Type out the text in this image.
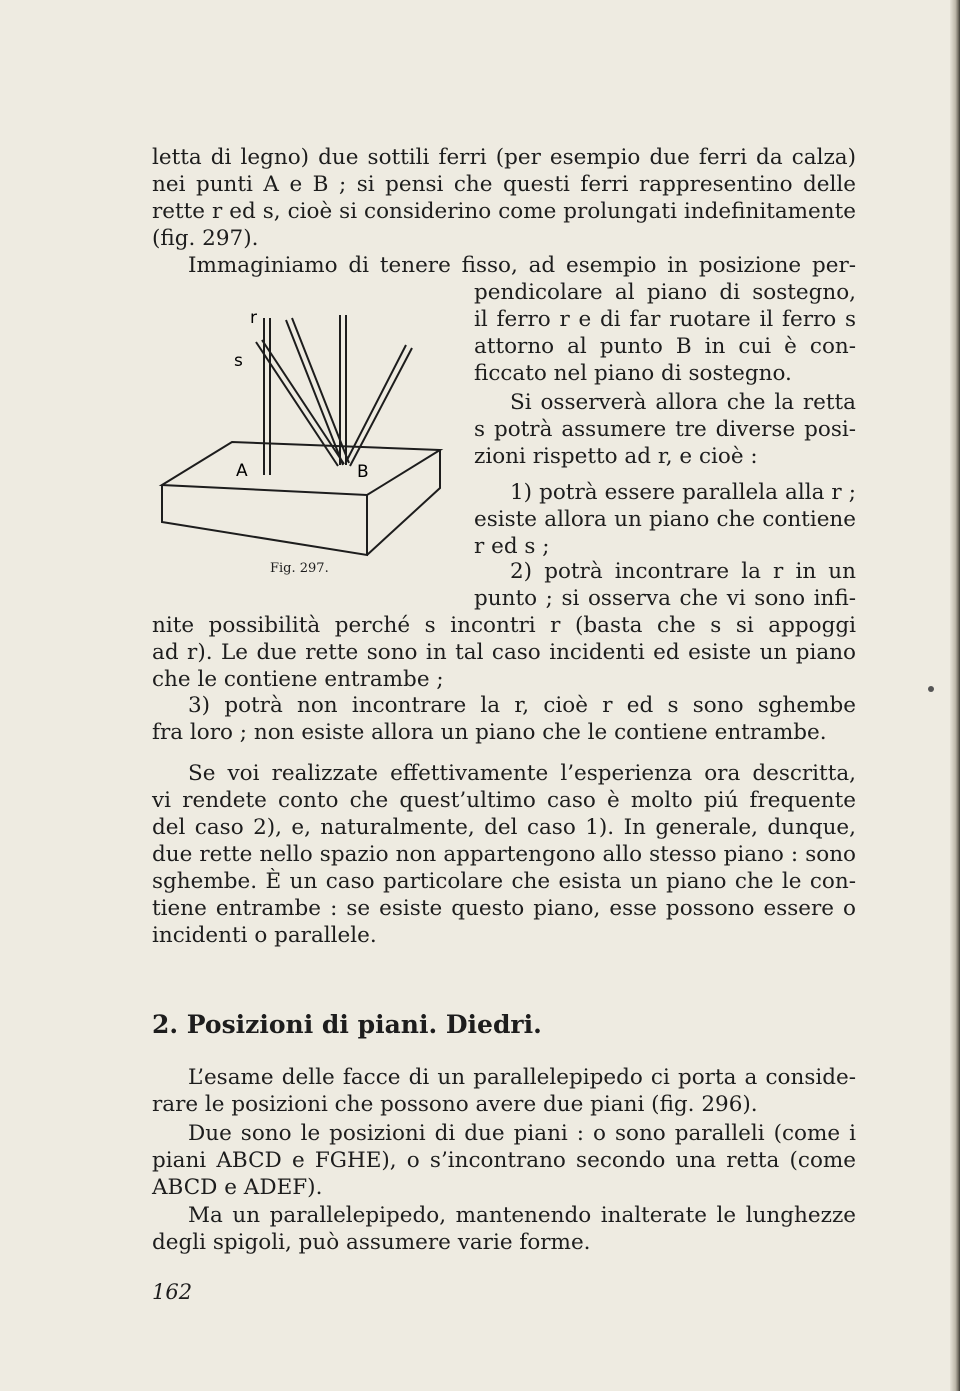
letta di legno) due sottili ferri (per esempio due ferri da calza)
nei punti A e B ; si pensi che questi ferri rappresentino delle
rette r ed s, cioè si considerino come prolungati indefinitamente
(fig. 297).
Immaginiamo di tenere fisso, ad esempio in posizione per-
pendicolare al piano di sostegno,
il ferro r e di far ruotare il ferro s
attorno al punto B in cui è con-
ficcato nel piano di sostegno.
Si osserverà allora che la retta
s potrà assumere tre diverse posi-
zioni rispetto ad r, e cioè :
1) potrà essere parallela alla r ;
esiste allora un piano che contiene
r ed s ;
2) potrà incontrare la r in un
punto ; si osserva che vi sono infi-
nite possibilità perché s incontri r (basta che s si appoggi
ad r). Le due rette sono in tal caso incidenti ed esiste un piano
che le contiene entrambe ;
3) potrà non incontrare la r, cioè r ed s sono sghembe
fra loro ; non esiste allora un piano che le contiene entrambe.
Se voi realizzate effettivamente l’esperienza ora descritta,
vi rendete conto che quest’ultimo caso è molto piú frequente
del caso 2), e, naturalmente, del caso 1). In generale, dunque,
due rette nello spazio non appartengono allo stesso piano : sono
sghembe. È un caso particolare che esista un piano che le con-
tiene entrambe : se esiste questo piano, esse possono essere o
incidenti o parallele.
L’esame delle facce di un parallelepipedo ci porta a conside-
rare le posizioni che possono avere due piani (fig. 296).
Due sono le posizioni di due piani : o sono paralleli (come i
piani ABCD e FGHE), o s’incontrano secondo una retta (come
ABCD e ADEF).
Ma un parallelepipedo, mantenendo inalterate le lunghezze
degli spigoli, può assumere varie forme.
2. Posizioni di piani. Diedri.
r
s
A	B
Fig. 297.
162
